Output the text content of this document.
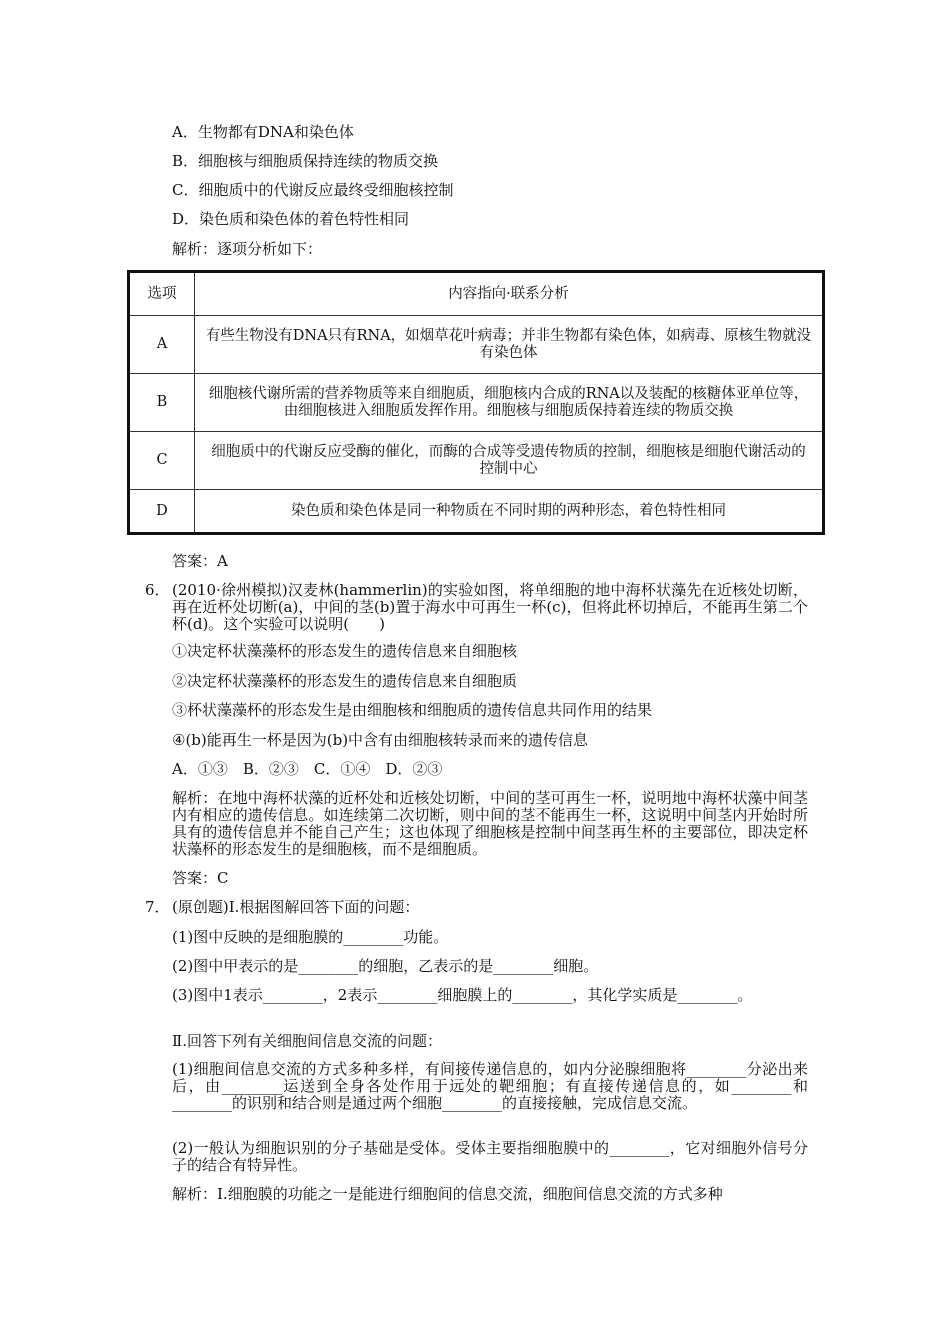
A．生物都有DNA和染色体
B．细胞核与细胞质保持连续的物质交换
C．细胞质中的代谢反应最终受细胞核控制
D．染色质和染色体的着色特性相同
解析：逐项分析如下：
选项	内容指向·联系分析
A	有些生物没有DNA只有RNA，如烟草花叶病毒；并非生物都有染色体，如病毒、原核生物就没有染色体
B	细胞核代谢所需的营养物质等来自细胞质，细胞核内合成的RNA以及装配的核糖体亚单位等，由细胞核进入细胞质发挥作用。细胞核与细胞质保持着连续的物质交换
C	细胞质中的代谢反应受酶的催化，而酶的合成等受遗传物质的控制，细胞核是细胞代谢活动的控制中心
D	染色质和染色体是同一种物质在不同时期的两种形态，着色特性相同
答案：A
6． (2010·徐州模拟)汉麦林(hammerlin)的实验如图，将单细胞的地中海杯状藻先在近核处切断，再在近杯处切断(a)，中间的茎(b)置于海水中可再生一杯(c)，但将此杯切掉后，不能再生第二个杯(d)。这个实验可以说明(　　)
①决定杯状藻藻杯的形态发生的遗传信息来自细胞核
②决定杯状藻藻杯的形态发生的遗传信息来自细胞质
③杯状藻藻杯的形态发生是由细胞核和细胞质的遗传信息共同作用的结果
④(b)能再生一杯是因为(b)中含有由细胞核转录而来的遗传信息
A．①③　B．②③　C．①④　D．②③
解析：在地中海杯状藻的近杯处和近核处切断，中间的茎可再生一杯，说明地中海杯状藻中间茎内有相应的遗传信息。如连续第二次切断，则中间的茎不能再生一杯，这说明中间茎内开始时所具有的遗传信息并不能自己产生；这也体现了细胞核是控制中间茎再生杯的主要部位，即决定杯状藻杯的形态发生的是细胞核，而不是细胞质。
答案：C
7． (原创题)Ⅰ.根据图解回答下面的问题：
(1)图中反映的是细胞膜的________功能。
(2)图中甲表示的是________的细胞，乙表示的是________细胞。
(3)图中1表示________，2表示________细胞膜上的________，其化学实质是________。
Ⅱ.回答下列有关细胞间信息交流的问题：
(1)细胞间信息交流的方式多种多样，有间接传递信息的，如内分泌腺细胞将________分泌出来后，由________运送到全身各处作用于远处的靶细胞；有直接传递信息的，如________和________的识别和结合则是通过两个细胞________的直接接触，完成信息交流。
(2)一般认为细胞识别的分子基础是受体。受体主要指细胞膜中的________，它对细胞外信号分子的结合有特异性。
解析：Ⅰ.细胞膜的功能之一是能进行细胞间的信息交流，细胞间信息交流的方式多种
